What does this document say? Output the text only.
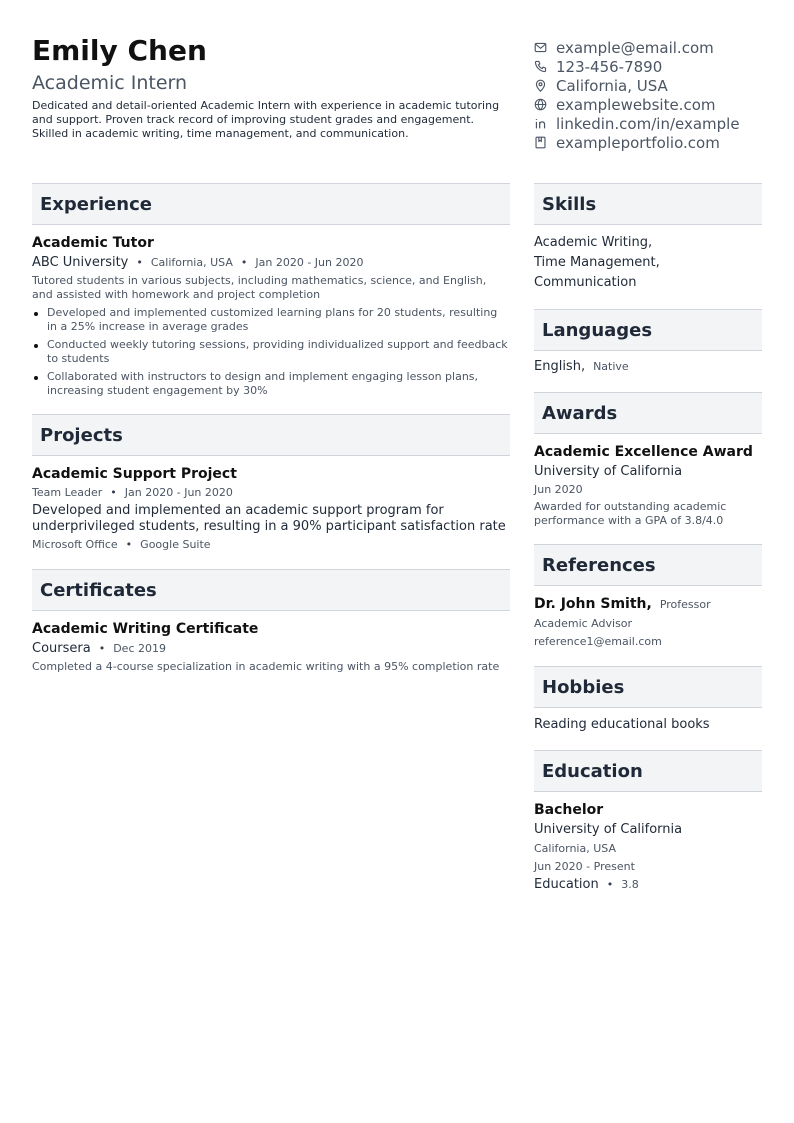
Emily Chen
Academic Intern
Dedicated and detail-oriented Academic Intern with experience in academic tutoring and support. Proven track record of improving student grades and engagement. Skilled in academic writing, time management, and communication.
example@email.com
123-456-7890
California, USA
examplewebsite.com
linkedin.com/in/example
exampleportfolio.com
Experience
Academic Tutor
ABC University • California, USA • Jan 2020 - Jun 2020
Tutored students in various subjects, including mathematics, science, and English, and assisted with homework and project completion
Developed and implemented customized learning plans for 20 students, resulting in a 25% increase in average grades
Conducted weekly tutoring sessions, providing individualized support and feedback to students
Collaborated with instructors to design and implement engaging lesson plans, increasing student engagement by 30%
Projects
Academic Support Project
Team Leader • Jan 2020 - Jun 2020
Developed and implemented an academic support program for underprivileged students, resulting in a 90% participant satisfaction rate
Microsoft Office • Google Suite
Certificates
Academic Writing Certificate
Coursera • Dec 2019
Completed a 4-course specialization in academic writing with a 95% completion rate
Skills
Academic Writing,
Time Management,
Communication
Languages
English, Native
Awards
Academic Excellence Award
University of California
Jun 2020
Awarded for outstanding academic performance with a GPA of 3.8/4.0
References
Dr. John Smith, Professor
Academic Advisor
reference1@email.com
Hobbies
Reading educational books
Education
Bachelor
University of California
California, USA
Jun 2020 - Present
Education • 3.8
